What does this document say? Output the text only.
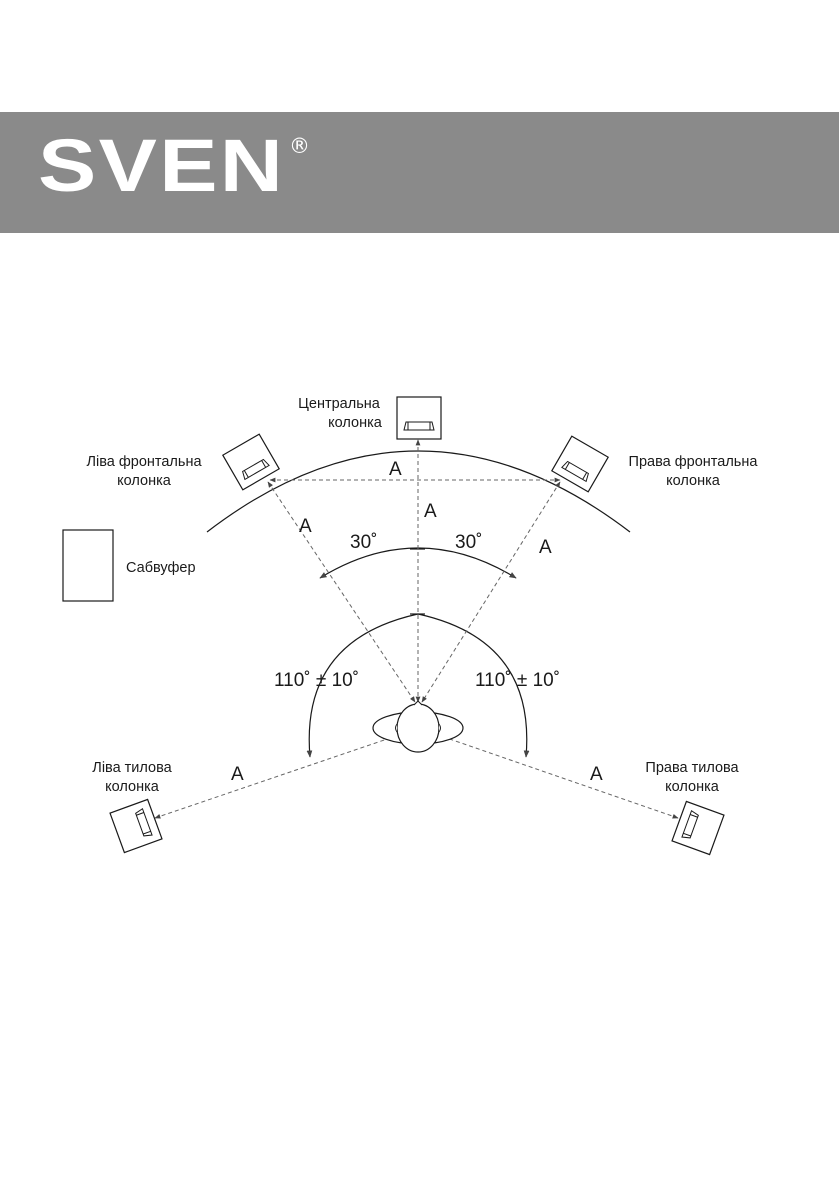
SVEN ®
Центральна
колонка
Ліва фронтальна
колонка
Права фронтальна
колонка
Сабвуфер
Ліва тилова
колонка
Права тилова
колонка
A
A
A
A
A	A
30˚	30˚
110˚ ± 10˚	110˚ ± 10˚
